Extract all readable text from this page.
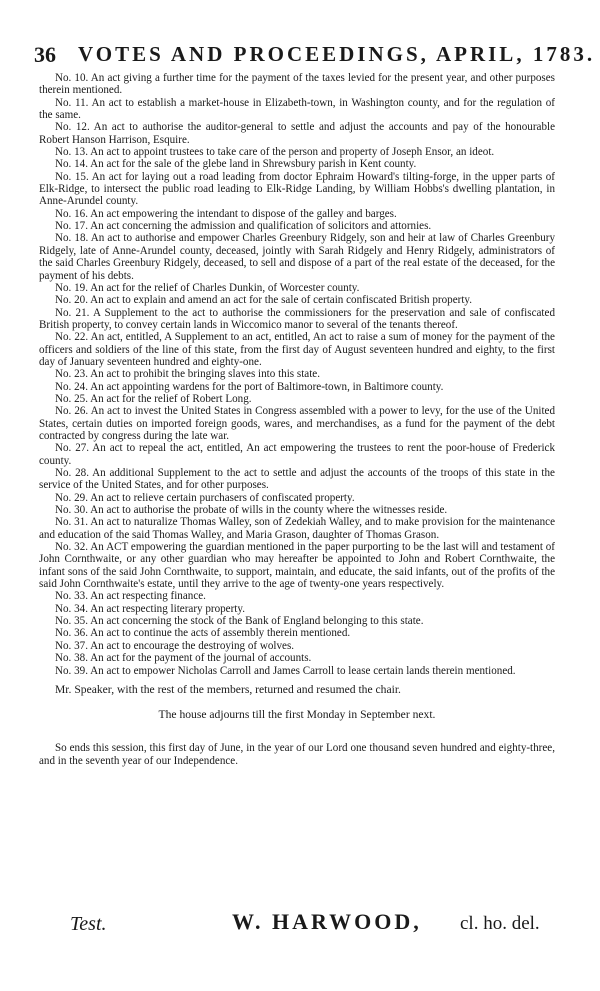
36 VOTES AND PROCEEDINGS, APRIL, 1783.

No. 10. An act giving a further time for the payment of the taxes levied for the present year, and other purposes therein mentioned.

No. 11. An act to establish a market-house in Elizabeth-town, in Washington county, and for the regulation of the same.

No. 12. An act to authorise the auditor-general to settle and adjust the accounts and pay of the honourable Robert Hanson Harrison, Esquire.

No. 13. An act to appoint trustees to take care of the person and property of Joseph Ensor, an ideot.

No. 14. An act for the sale of the glebe land in Shrewsbury parish in Kent county.

No. 15. An act for laying out a road leading from doctor Ephraim Howard's tilting-forge, in the upper parts of Elk-Ridge, to intersect the public road leading to Elk-Ridge Landing, by William Hobbs's dwelling plantation, in Anne-Arundel county.

No. 16. An act empowering the intendant to dispose of the galley and barges.

No. 17. An act concerning the admission and qualification of solicitors and attornies.

No. 18. An act to authorise and empower Charles Greenbury Ridgely, son and heir at law of Charles Greenbury Ridgely, late of Anne-Arundel county, deceased, jointly with Sarah Ridgely and Henry Ridgely, administrators of the said Charles Greenbury Ridgely, deceased, to sell and dispose of a part of the real estate of the deceased, for the payment of his debts.

No. 19. An act for the relief of Charles Dunkin, of Worcester county.

No. 20. An act to explain and amend an act for the sale of certain confiscated British property.

No. 21. A Supplement to the act to authorise the commissioners for the preservation and sale of confiscated British property, to convey certain lands in Wiccomico manor to several of the tenants thereof.

No. 22. An act, entitled, A Supplement to an act, entitled, An act to raise a sum of money for the payment of the officers and soldiers of the line of this state, from the first day of August seventeen hundred and eighty, to the first day of January seventeen hundred and eighty-one.

No. 23. An act to prohibit the bringing slaves into this state.

No. 24. An act appointing wardens for the port of Baltimore-town, in Baltimore county.

No. 25. An act for the relief of Robert Long.

No. 26. An act to invest the United States in Congress assembled with a power to levy, for the use of the United States, certain duties on imported foreign goods, wares, and merchandises, as a fund for the payment of the debt contracted by congress during the late war.

No. 27. An act to repeal the act, entitled, An act empowering the trustees to rent the poor-house of Frederick county.

No. 28. An additional Supplement to the act to settle and adjust the accounts of the troops of this state in the service of the United States, and for other purposes.

No. 29. An act to relieve certain purchasers of confiscated property.

No. 30. An act to authorise the probate of wills in the county where the witnesses reside.

No. 31. An act to naturalize Thomas Walley, son of Zedekiah Walley, and to make provision for the maintenance and education of the said Thomas Walley, and Maria Grason, daughter of Thomas Grason.

No. 32. An ACT empowering the guardian mentioned in the paper purporting to be the last will and testament of John Cornthwaite, or any other guardian who may hereafter be appointed to John and Robert Cornthwaite, the infant sons of the said John Cornthwaite, to support, maintain, and educate, the said infants, out of the profits of the said John Cornthwaite's estate, until they arrive to the age of twenty-one years respectively.

No. 33. An act respecting finance.

No. 34. An act respecting literary property.

No. 35. An act concerning the stock of the Bank of England belonging to this state.

No. 36. An act to continue the acts of assembly therein mentioned.

No. 37. An act to encourage the destroying of wolves.

No. 38. An act for the payment of the journal of accounts.

No. 39. An act to empower Nicholas Carroll and James Carroll to lease certain lands therein mentioned.

Mr. Speaker, with the rest of the members, returned and resumed the chair.

The house adjourns till the first Monday in September next.

So ends this session, this first day of June, in the year of our Lord one thousand seven hundred and eighty-three, and in the seventh year of our Independence.

Test.	W. HARWOOD, cl. ho. del.
